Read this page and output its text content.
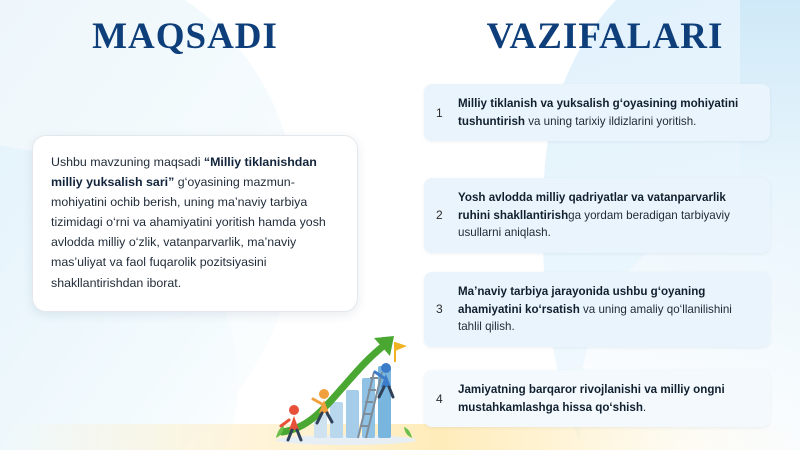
MAQSADI	VAZIFALARI

Ushbu mavzuning maqsadi “Milliy tiklanishdan milliy yuksalish sari” g‘oyasining mazmun-mohiyatini ochib berish, uning ma’naviy tarbiya tizimidagi o‘rni va ahamiyatini yoritish hamda yosh avlodda milliy o‘zlik, vatanparvarlik, ma’naviy mas’uliyat va faol fuqarolik pozitsiyasini shakllantirishdan iborat.

1
Milliy tiklanish va yuksalish g‘oyasining mohiyatini tushuntirish va uning tarixiy ildizlarini yoritish.
2
Yosh avlodda milliy qadriyatlar va vatanparvarlik ruhini shakllantirishga yordam beradigan tarbiyaviy usullarni aniqlash.
3
Ma’naviy tarbiya jarayonida ushbu g‘oyaning ahamiyatini ko‘rsatish va uning amaliy qo‘llanilishini tahlil qilish.
4
Jamiyatning barqaror rivojlanishi va milliy ongni mustahkamlashga hissa qo‘shish.
